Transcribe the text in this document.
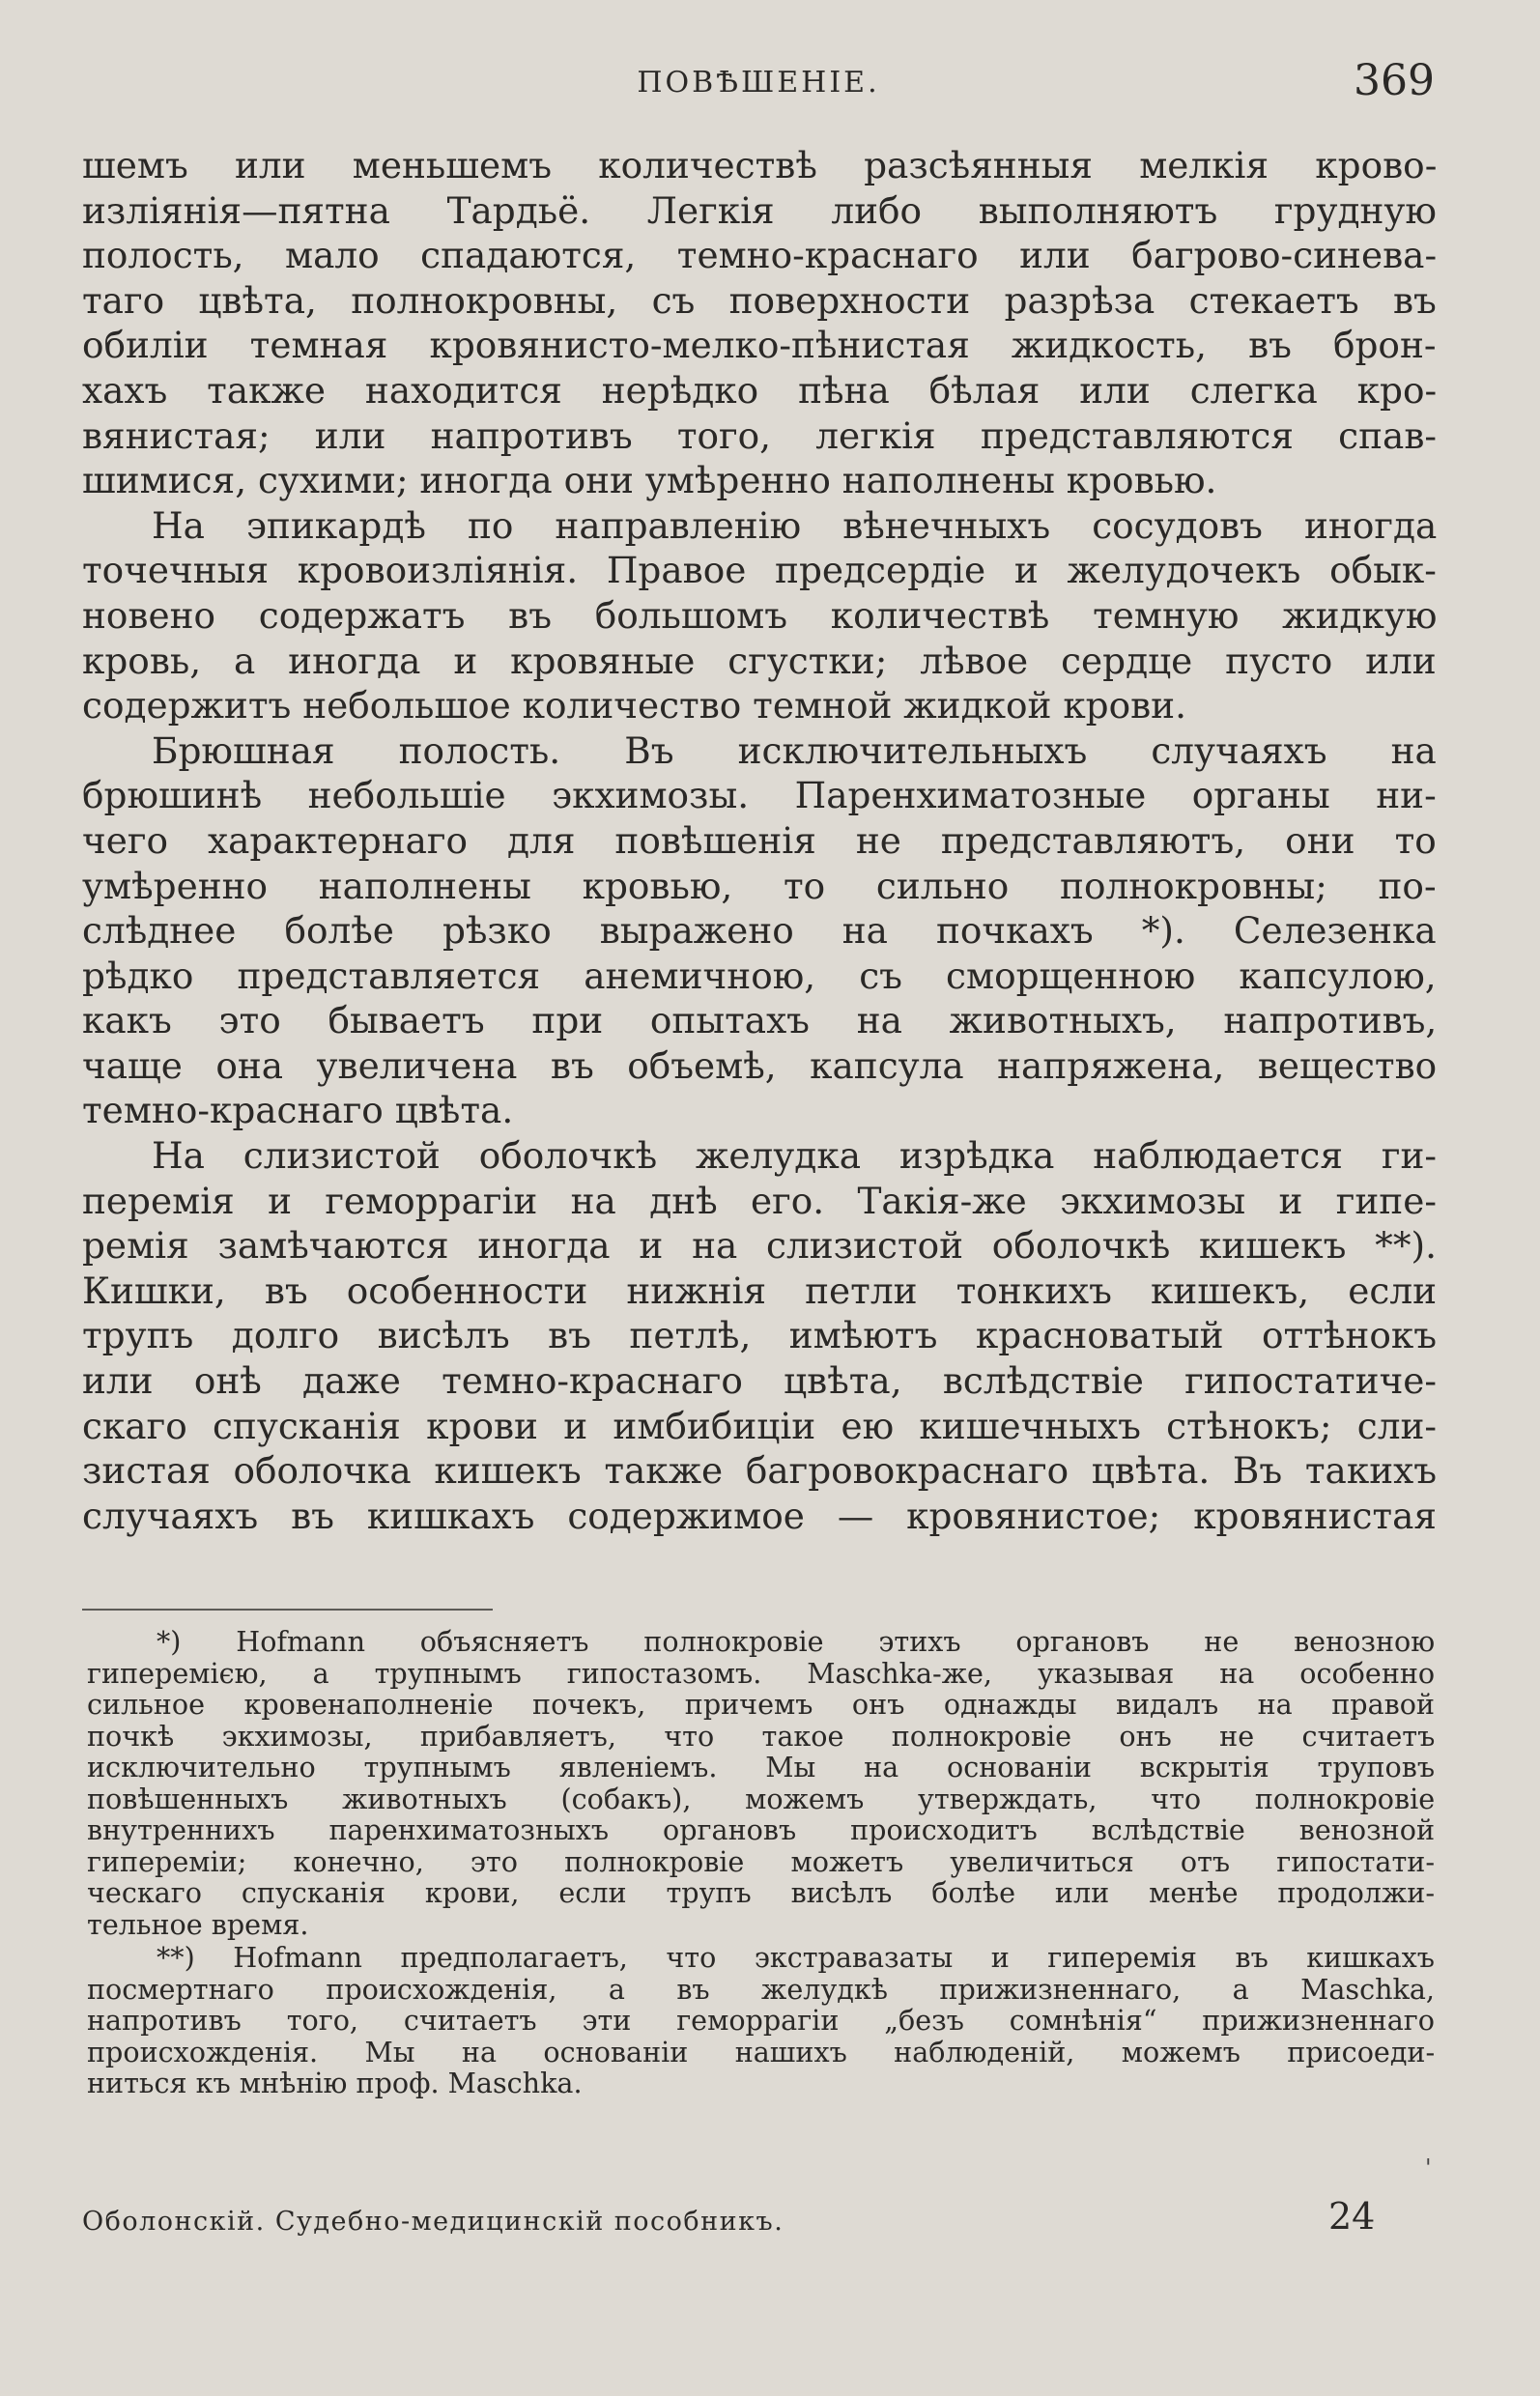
ПОВѢШЕНІЕ.	369
шемъ или меньшемъ количествѣ разсѣянныя мелкія крово-
изліянія—пятна Тардьё. Легкія либо выполняютъ грудную
полость, мало спадаются, темно-краснаго или багрово-синева-
таго цвѣта, полнокровны, съ поверхности разрѣза стекаетъ въ
обиліи темная кровянисто-мелко-пѣнистая жидкость, въ брон-
хахъ также находится нерѣдко пѣна бѣлая или слегка кро-
вянистая; или напротивъ того, легкія представляются спав-
шимися, сухими; иногда они умѣренно наполнены кровью.
На эпикардѣ по направленію вѣнечныхъ сосудовъ иногда
точечныя кровоизліянія. Правое предсердіе и желудочекъ обык-
новено содержатъ въ большомъ количествѣ темную жидкую
кровь, а иногда и кровяные сгустки; лѣвое сердце пусто или
содержитъ небольшое количество темной жидкой крови.
Брюшная полость. Въ исключительныхъ случаяхъ на
брюшинѣ небольшіе экхимозы. Паренхиматозные органы ни-
чего характернаго для повѣшенія не представляютъ, они то
умѣренно наполнены кровью, то сильно полнокровны; по-
слѣднее болѣе рѣзко выражено на почкахъ *). Селезенка
рѣдко представляется анемичною, съ сморщенною капсулою,
какъ это бываетъ при опытахъ на животныхъ, напротивъ,
чаще она увеличена въ объемѣ, капсула напряжена, вещество
темно-краснаго цвѣта.
На слизистой оболочкѣ желудка изрѣдка наблюдается ги-
перемія и геморрагіи на днѣ его. Такія-же экхимозы и гипе-
ремія замѣчаются иногда и на слизистой оболочкѣ кишекъ **).
Кишки, въ особенности нижнія петли тонкихъ кишекъ, если
трупъ долго висѣлъ въ петлѣ, имѣютъ красноватый оттѣнокъ
или онѣ даже темно-краснаго цвѣта, вслѣдствіе гипостатиче-
скаго спусканія крови и имбибиціи ею кишечныхъ стѣнокъ; сли-
зистая оболочка кишекъ также багровокраснаго цвѣта. Въ такихъ
случаяхъ въ кишкахъ содержимое — кровянистое; кровянистая
*) Hofmann объясняетъ полнокровіе этихъ органовъ не венозною
гиперемією, а трупнымъ гипостазомъ. Maschka-же, указывая на особенно
сильное кровенаполненіе почекъ, причемъ онъ однажды видалъ на правой
почкѣ экхимозы, прибавляетъ, что такое полнокровіе онъ не считаетъ
исключительно трупнымъ явленіемъ. Мы на основаніи вскрытія труповъ
повѣшенныхъ животныхъ (собакъ), можемъ утверждать, что полнокровіе
внутреннихъ паренхиматозныхъ органовъ происходитъ вслѣдствіе венозной
гипереміи; конечно, это полнокровіе можетъ увеличиться отъ гипостати-
ческаго спусканія крови, если трупъ висѣлъ болѣе или менѣе продолжи-
тельное время.
**) Hofmann предполагаетъ, что экстравазаты и гиперемія въ кишкахъ
посмертнаго происхожденія, а въ желудкѣ прижизненнаго, а Maschka,
напротивъ того, считаетъ эти геморрагіи „безъ сомнѣнія“ прижизненнаго
происхожденія. Мы на основаніи нашихъ наблюденій, можемъ присоеди-
ниться къ мнѣнію проф. Maschka.
'
Оболонскій. Судебно-медицинскій пособникъ.	24
